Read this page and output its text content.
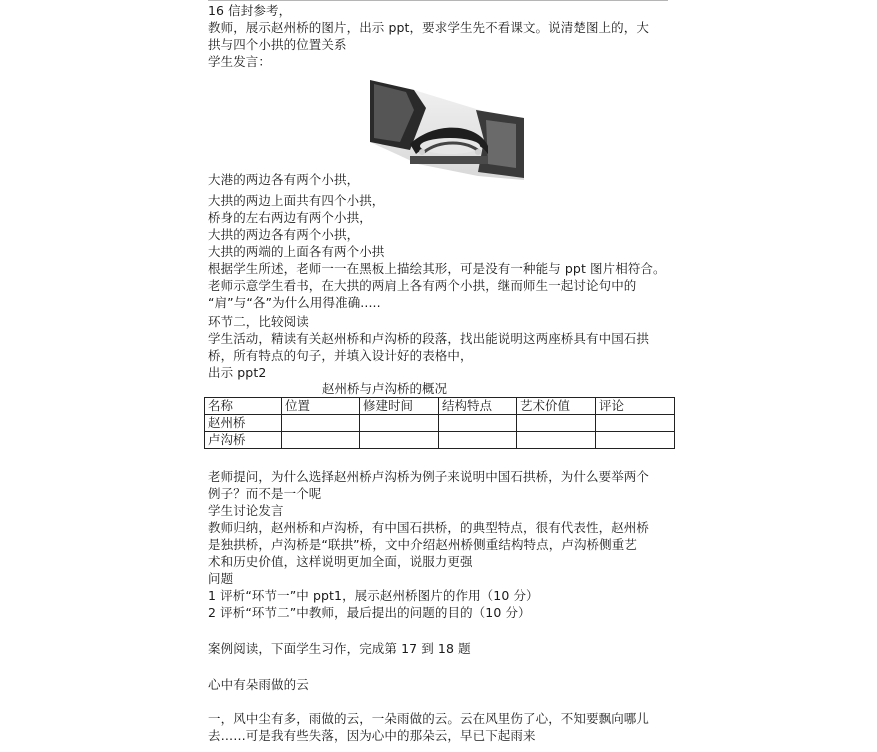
16 信封参考，
教师，展示赵州桥的图片，出示 ppt，要求学生先不看课文。说清楚图上的，大
拱与四个小拱的位置关系
学生发言：
大港的两边各有两个小拱，
大拱的两边上面共有四个小拱，
桥身的左右两边有两个小拱，
大拱的两边各有两个小拱，
大拱的两端的上面各有两个小拱
根据学生所述，老师一一在黑板上描绘其形，可是没有一种能与 ppt 图片相符合。
老师示意学生看书，在大拱的两肩上各有两个小拱，继而师生一起讨论句中的
“肩”与“各”为什么用得准确.....
环节二，比较阅读
学生活动，精读有关赵州桥和卢沟桥的段落，找出能说明这两座桥具有中国石拱
桥，所有特点的句子，并填入设计好的表格中，
出示 ppt2
赵州桥与卢沟桥的概况
名称	位置	修建时间	结构特点	艺术价值	评论
赵州桥					
卢沟桥					
老师提问，为什么选择赵州桥卢沟桥为例子来说明中国石拱桥，为什么要举两个
例子？而不是一个呢
学生讨论发言
教师归纳，赵州桥和卢沟桥，有中国石拱桥，的典型特点，很有代表性，赵州桥
是独拱桥，卢沟桥是“联拱”桥，文中介绍赵州桥侧重结构特点，卢沟桥侧重艺
术和历史价值，这样说明更加全面，说服力更强
问题
1 评析“环节一”中 ppt1，展示赵州桥图片的作用（10 分）
2 评析“环节二”中教师，最后提出的问题的目的（10 分）
案例阅读，下面学生习作，完成第 17 到 18 题
心中有朵雨做的云
一，风中尘有多，雨做的云，一朵雨做的云。云在风里伤了心，不知要飘向哪儿
去……可是我有些失落，因为心中的那朵云，早已下起雨来
